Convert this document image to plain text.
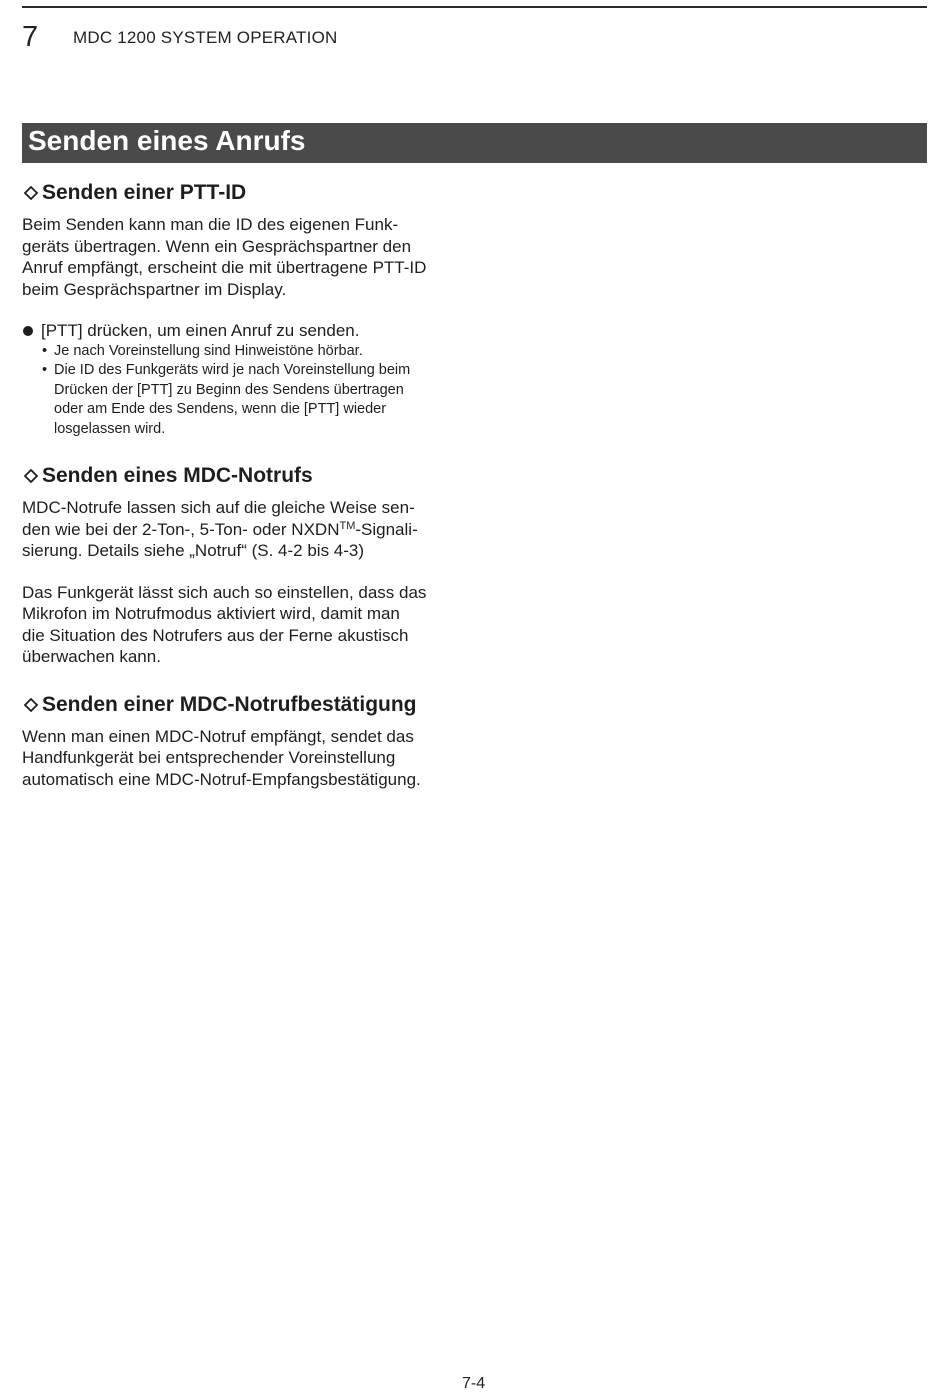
7 MDC 1200 SYSTEM OPERATION
Senden eines Anrufs
Senden einer PTT-ID

Beim Senden kann man die ID des eigenen Funk-
geräts übertragen. Wenn ein Gesprächspartner den
Anruf empfängt, erscheint die mit übertragene PTT-ID
beim Gesprächspartner im Display.

[PTT] drücken, um einen Anruf zu senden.
• Je nach Voreinstellung sind Hinweistöne hörbar.
• Die ID des Funkgeräts wird je nach Voreinstellung beim
Drücken der [PTT] zu Beginn des Sendens übertragen
oder am Ende des Sendens, wenn die [PTT] wieder
losgelassen wird.
Senden eines MDC-Notrufs

MDC-Notrufe lassen sich auf die gleiche Weise sen-
den wie bei der 2-Ton-, 5-Ton- oder NXDN™-Signali-
sierung. Details siehe „Notruf“ (S. 4-2 bis 4-3)

Das Funkgerät lässt sich auch so einstellen, dass das
Mikrofon im Notrufmodus aktiviert wird, damit man
die Situation des Notrufers aus der Ferne akustisch
überwachen kann.

Senden einer MDC-Notrufbestätigung

Wenn man einen MDC-Notruf empfängt, sendet das
Handfunkgerät bei entsprechender Voreinstellung
automatisch eine MDC-Notruf-Empfangsbestätigung.

7-4
